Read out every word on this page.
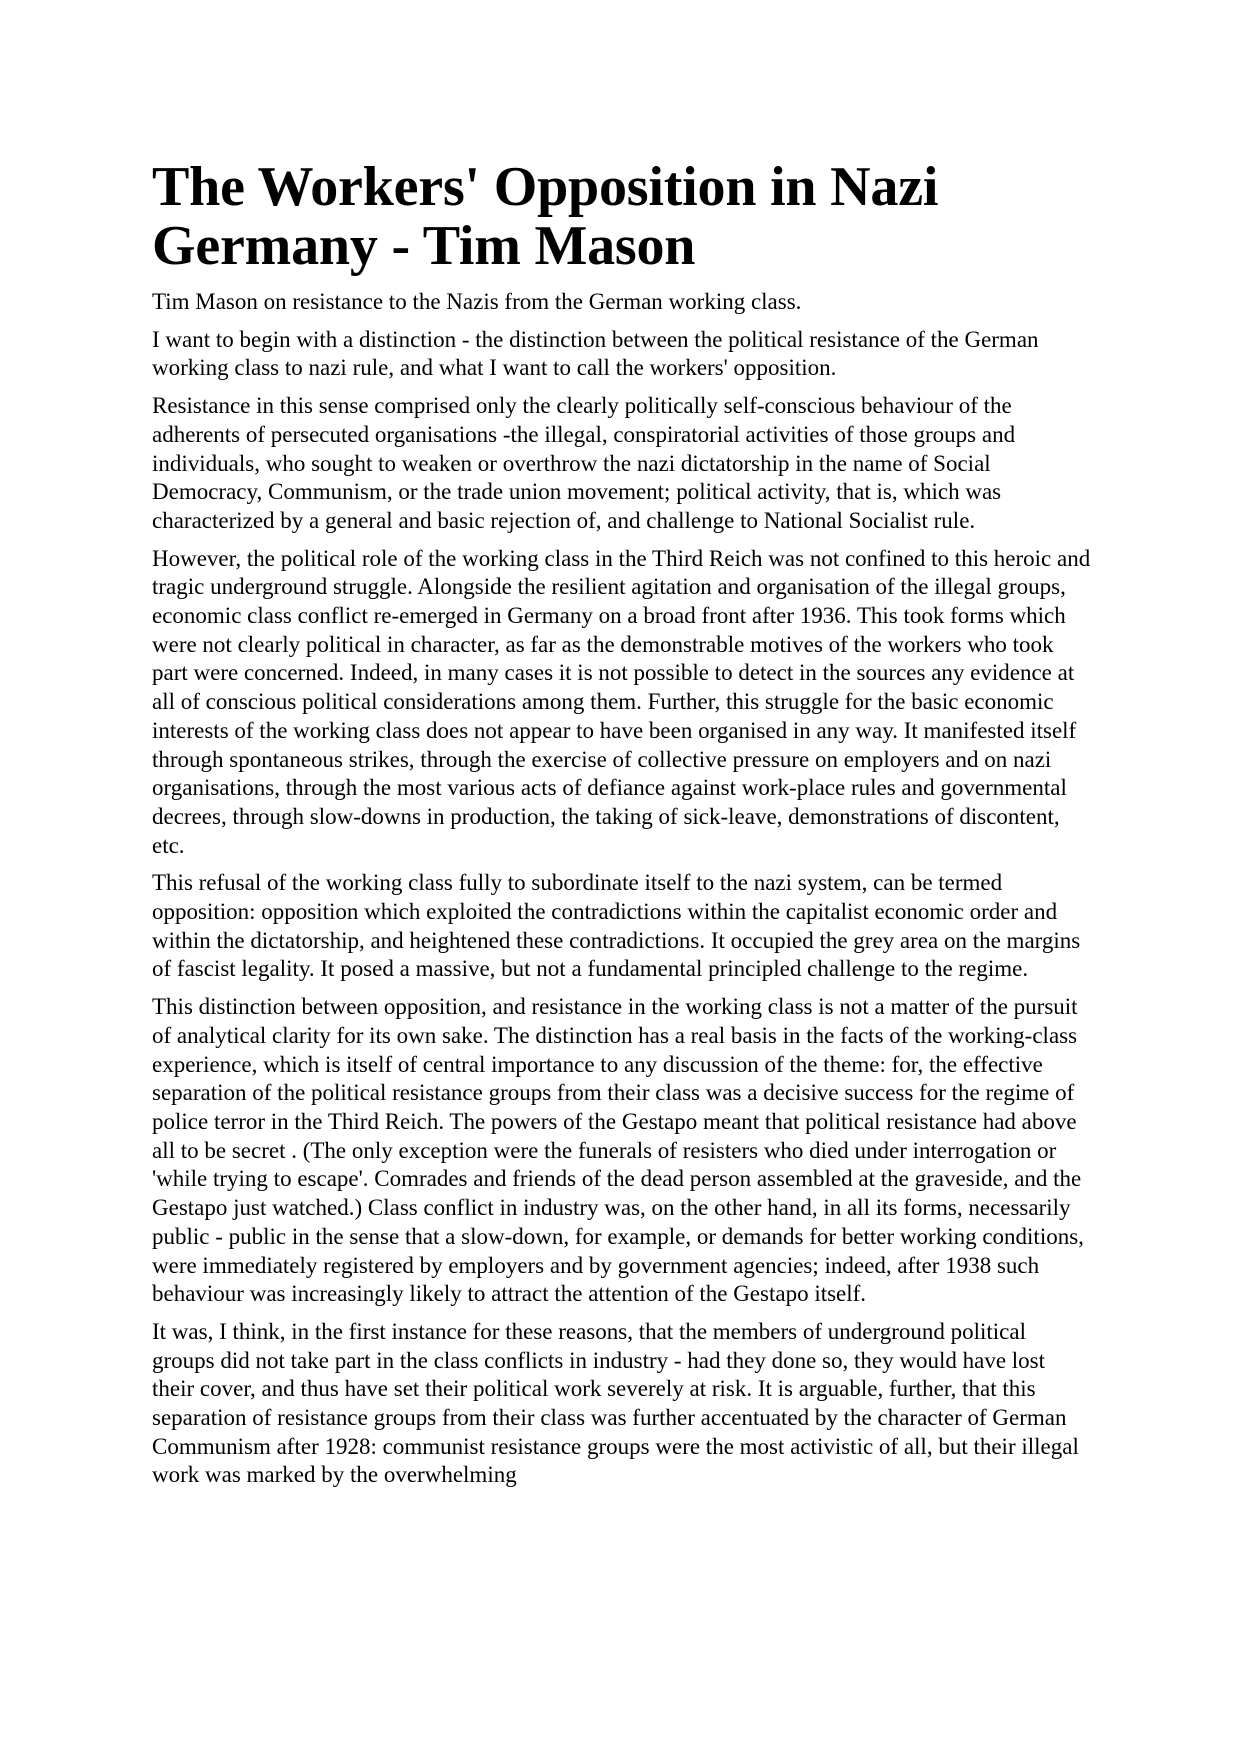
The Workers' Opposition in Nazi Germany - Tim Mason

Tim Mason on resistance to the Nazis from the German working class.

I want to begin with a distinction - the distinction between the political resistance of the German working class to nazi rule, and what I want to call the workers' opposition.

Resistance in this sense comprised only the clearly politically self-conscious behaviour of the adherents of persecuted organisations -the illegal, conspiratorial activities of those groups and individuals, who sought to weaken or overthrow the nazi dictatorship in the name of Social Democracy, Communism, or the trade union movement; political activity, that is, which was characterized by a general and basic rejection of, and challenge to National Socialist rule.

However, the political role of the working class in the Third Reich was not confined to this heroic and tragic underground struggle. Alongside the resilient agitation and organisation of the illegal groups, economic class conflict re-emerged in Germany on a broad front after 1936. This took forms which were not clearly political in character, as far as the demonstrable motives of the workers who took part were concerned. Indeed, in many cases it is not possible to detect in the sources any evidence at all of conscious political considerations among them. Further, this struggle for the basic economic interests of the working class does not appear to have been organised in any way. It manifested itself through spontaneous strikes, through the exercise of collective pressure on employers and on nazi organisations, through the most various acts of defiance against work-place rules and governmental decrees, through slow-downs in production, the taking of sick-leave, demonstrations of discontent, etc.

This refusal of the working class fully to subordinate itself to the nazi system, can be termed opposition: opposition which exploited the contradictions within the capitalist economic order and within the dictatorship, and heightened these contradictions. It occupied the grey area on the margins of fascist legality. It posed a massive, but not a fundamental principled challenge to the regime.

This distinction between opposition, and resistance in the working class is not a matter of the pursuit of analytical clarity for its own sake. The distinction has a real basis in the facts of the working-class experience, which is itself of central importance to any discussion of the theme: for, the effective separation of the political resistance groups from their class was a decisive success for the regime of police terror in the Third Reich. The powers of the Gestapo meant that political resistance had above all to be secret . (The only exception were the funerals of resisters who died under interrogation or 'while trying to escape'. Comrades and friends of the dead person assembled at the graveside, and the Gestapo just watched.) Class conflict in industry was, on the other hand, in all its forms, necessarily public - public in the sense that a slow-down, for example, or demands for better working conditions, were immediately registered by employers and by government agencies; indeed, after 1938 such behaviour was increasingly likely to attract the attention of the Gestapo itself.

It was, I think, in the first instance for these reasons, that the members of underground political groups did not take part in the class conflicts in industry - had they done so, they would have lost their cover, and thus have set their political work severely at risk. It is arguable, further, that this separation of resistance groups from their class was further accentuated by the character of German Communism after 1928: communist resistance groups were the most activistic of all, but their illegal work was marked by the overwhelming
